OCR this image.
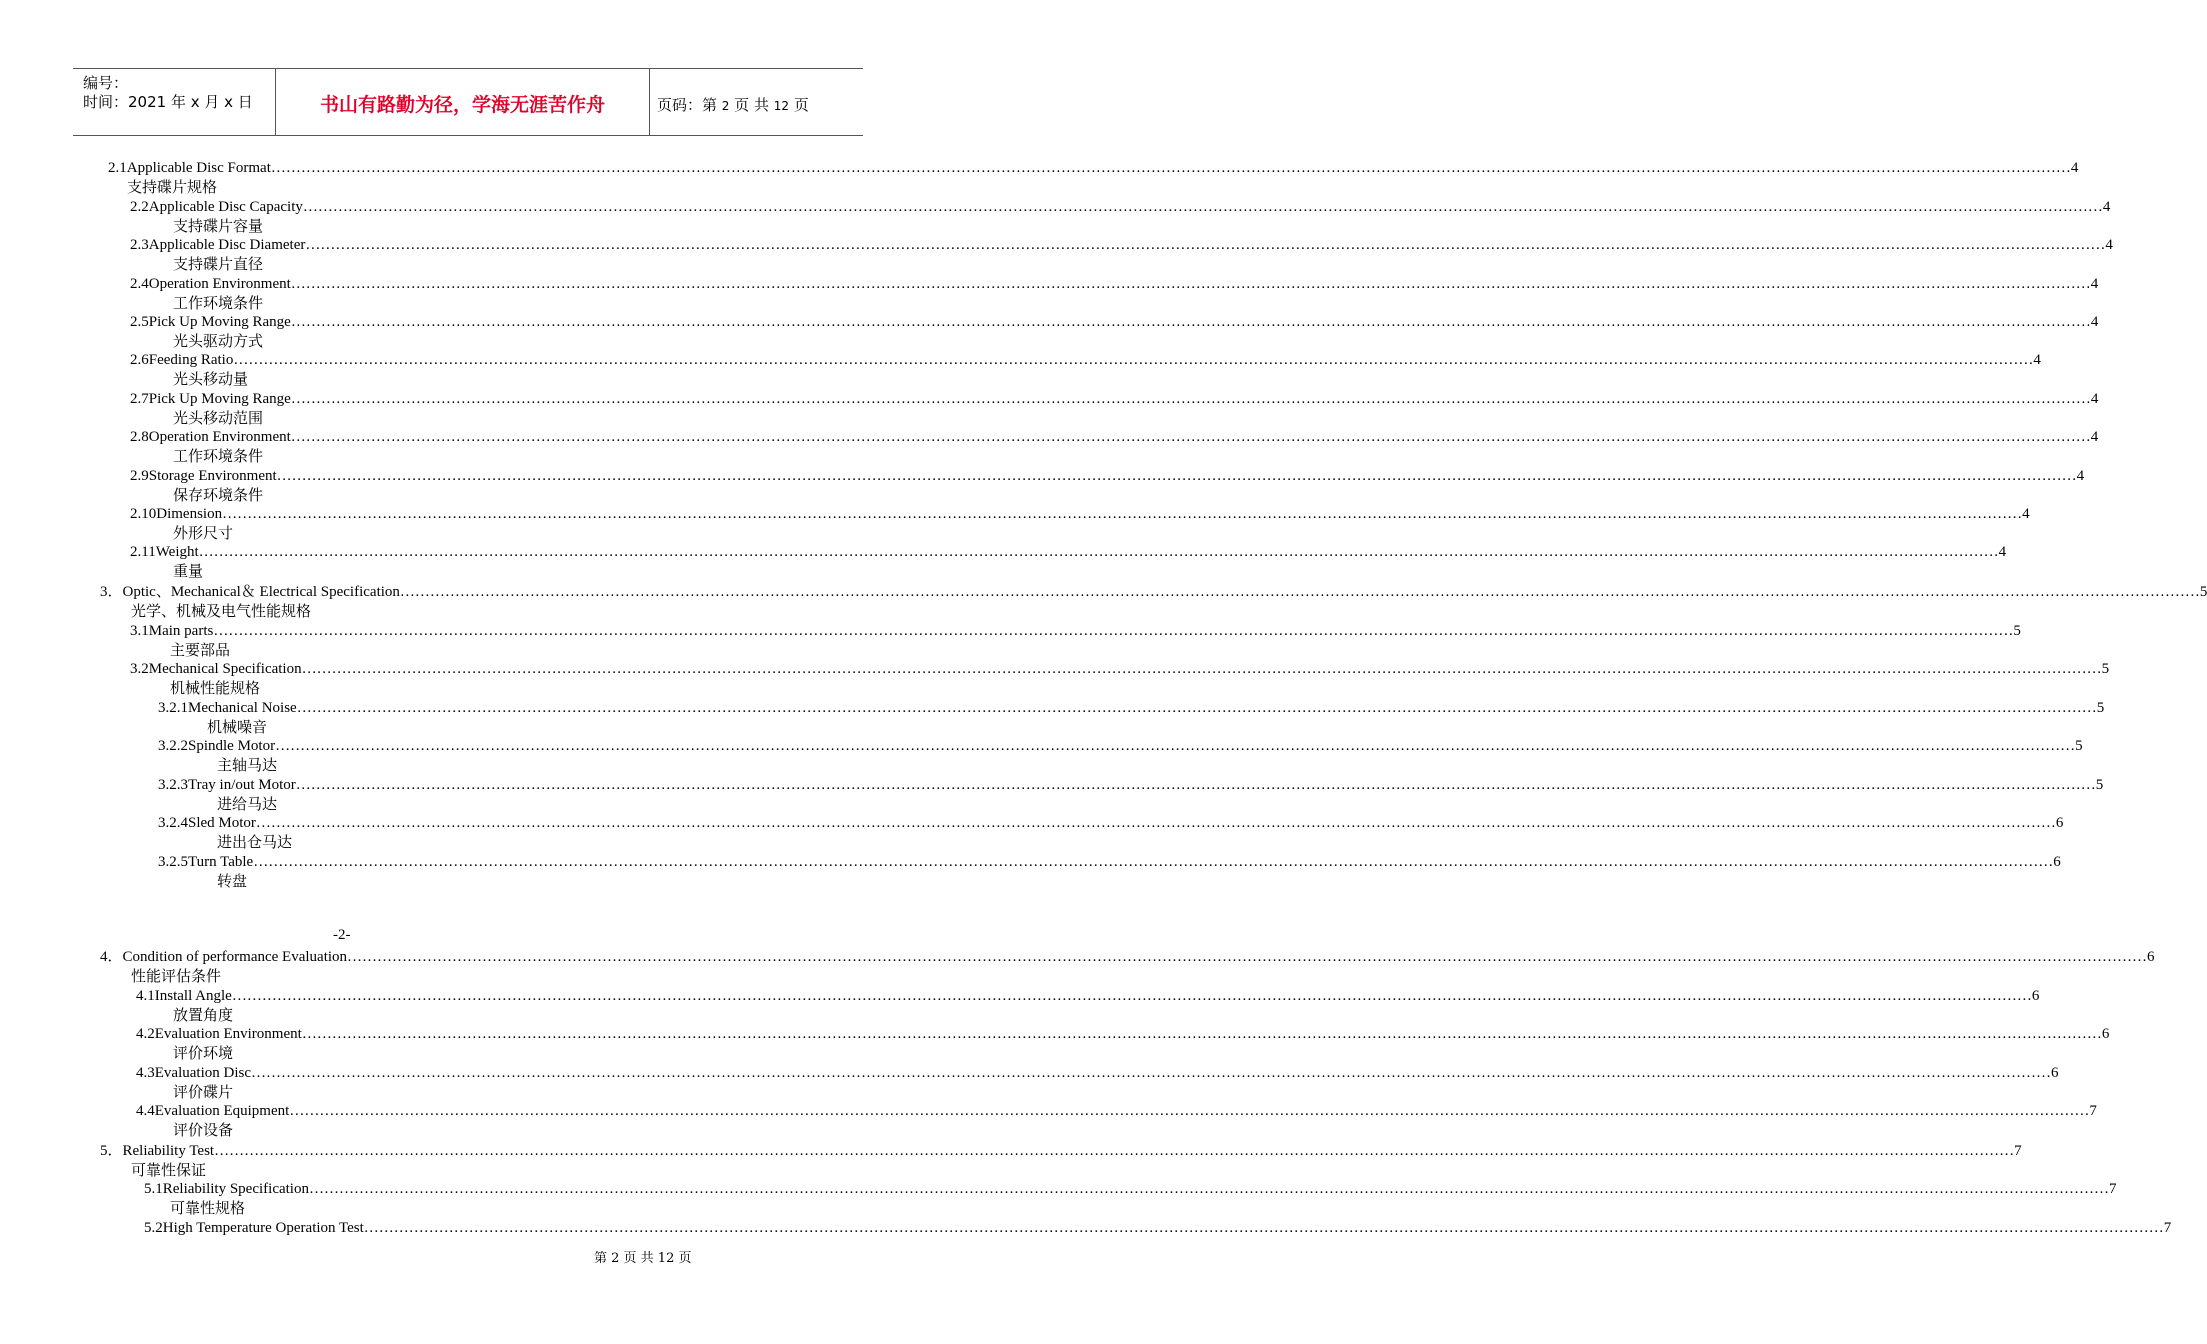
编号：
时间：2021 年 x 月 x 日	书山有路勤为径，学海无涯苦作舟	页码：第 2 页 共 12 页
2.1 Applicable Disc Format ……………………………………………………………………………………………………………………………………………………………………………………………………………………………………………………………………………………………………………………………… 4
支持碟片规格
2.2 Applicable Disc Capacity ……………………………………………………………………………………………………………………………………………………………………………………………………………………………………………………………………………………………………………………………… 4
支持碟片容量
2.3 Applicable Disc Diameter ……………………………………………………………………………………………………………………………………………………………………………………………………………………………………………………………………………………………………………………………… 4
支持碟片直径
2.4 Operation Environment ……………………………………………………………………………………………………………………………………………………………………………………………………………………………………………………………………………………………………………………………… 4
工作环境条件
2.5 Pick Up Moving Range ……………………………………………………………………………………………………………………………………………………………………………………………………………………………………………………………………………………………………………………………… 4
光头驱动方式
2.6 Feeding Ratio ……………………………………………………………………………………………………………………………………………………………………………………………………………………………………………………………………………………………………………………………… 4
光头移动量
2.7 Pick Up Moving Range ……………………………………………………………………………………………………………………………………………………………………………………………………………………………………………………………………………………………………………………………… 4
光头移动范围
2.8 Operation Environment ……………………………………………………………………………………………………………………………………………………………………………………………………………………………………………………………………………………………………………………………… 4
工作环境条件
2.9 Storage Environment ……………………………………………………………………………………………………………………………………………………………………………………………………………………………………………………………………………………………………………………………… 4
保存环境条件
2.10 Dimension ……………………………………………………………………………………………………………………………………………………………………………………………………………………………………………………………………………………………………………………………… 4
外形尺寸
2.11 Weight ……………………………………………………………………………………………………………………………………………………………………………………………………………………………………………………………………………………………………………………………… 4
重量
3． Optic、Mechanical＆ Electrical Specification ……………………………………………………………………………………………………………………………………………………………………………………………………………………………………………………………………………………………………………………………… 5
光学、机械及电气性能规格
3.1 Main parts ……………………………………………………………………………………………………………………………………………………………………………………………………………………………………………………………………………………………………………………………… 5
主要部品
3.2 Mechanical Specification ……………………………………………………………………………………………………………………………………………………………………………………………………………………………………………………………………………………………………………………………… 5
机械性能规格
3.2.1 Mechanical Noise ……………………………………………………………………………………………………………………………………………………………………………………………………………………………………………………………………………………………………………………………… 5
机械噪音
3.2.2 Spindle Motor ……………………………………………………………………………………………………………………………………………………………………………………………………………………………………………………………………………………………………………………………… 5
主轴马达
3.2.3 Tray in/out Motor ……………………………………………………………………………………………………………………………………………………………………………………………………………………………………………………………………………………………………………………………… 5
进给马达
3.2.4 Sled Motor ……………………………………………………………………………………………………………………………………………………………………………………………………………………………………………………………………………………………………………………………… 6
进出仓马达
3.2.5 Turn Table ……………………………………………………………………………………………………………………………………………………………………………………………………………………………………………………………………………………………………………………………… 6
转盘
4． Condition of performance Evaluation ……………………………………………………………………………………………………………………………………………………………………………………………………………………………………………………………………………………………………………………………… 6
性能评估条件
4.1 Install Angle ……………………………………………………………………………………………………………………………………………………………………………………………………………………………………………………………………………………………………………………………… 6
放置角度
4.2 Evaluation Environment ……………………………………………………………………………………………………………………………………………………………………………………………………………………………………………………………………………………………………………………………… 6
评价环境
4.3 Evaluation Disc ……………………………………………………………………………………………………………………………………………………………………………………………………………………………………………………………………………………………………………………………… 6
评价碟片
4.4 Evaluation Equipment ……………………………………………………………………………………………………………………………………………………………………………………………………………………………………………………………………………………………………………………………… 7
评价设备
5． Reliability Test ……………………………………………………………………………………………………………………………………………………………………………………………………………………………………………………………………………………………………………………………… 7
可靠性保证
5.1 Reliability Specification ……………………………………………………………………………………………………………………………………………………………………………………………………………………………………………………………………………………………………………………………… 7
可靠性规格
5.2 High Temperature Operation Test ……………………………………………………………………………………………………………………………………………………………………………………………………………………………………………………………………………………………………………………………… 7
-2-
第 2 页 共 12 页
